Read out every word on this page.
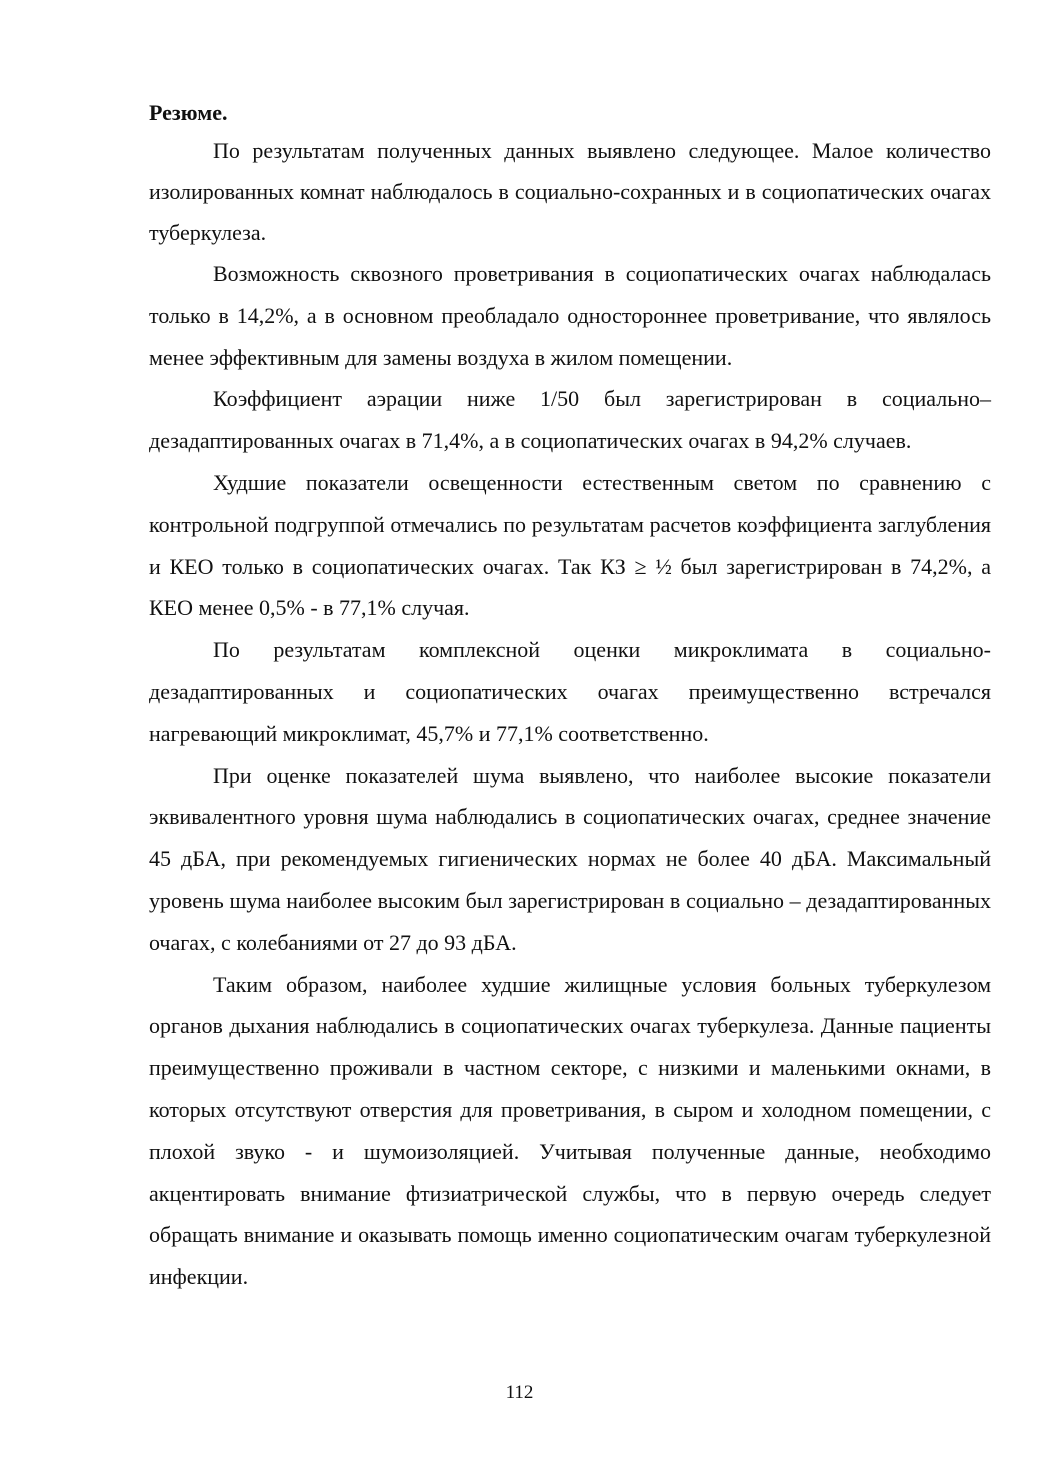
Резюме.

По результатам полученных данных выявлено следующее. Малое количество изолированных комнат наблюдалось в социально-сохранных и в социопатических очагах туберкулеза.

Возможность сквозного проветривания в социопатических очагах наблюдалась только в 14,2%, а в основном преобладало одностороннее проветривание, что являлось менее эффективным для замены воздуха в жилом помещении.

Коэффициент аэрации ниже 1/50 был зарегистрирован в социально–дезадаптированных очагах в 71,4%, а в социопатических очагах в 94,2% случаев.

Худшие показатели освещенности естественным светом по сравнению с контрольной подгруппой отмечались по результатам расчетов коэффициента заглубления и КЕО только в социопатических очагах. Так КЗ ≥ ½ был зарегистрирован в 74,2%, а КЕО менее 0,5% - в 77,1% случая.

По результатам комплексной оценки микроклимата в социально-дезадаптированных и социопатических очагах преимущественно встречался нагревающий микроклимат, 45,7% и 77,1% соответственно.

При оценке показателей шума выявлено, что наиболее высокие показатели эквивалентного уровня шума наблюдались в социопатических очагах, среднее значение 45 дБА, при рекомендуемых гигиенических нормах не более 40 дБА. Максимальный уровень шума наиболее высоким был зарегистрирован в социально – дезадаптированных очагах, с колебаниями от 27 до 93 дБА.

Таким образом, наиболее худшие жилищные условия больных туберкулезом органов дыхания наблюдались в социопатических очагах туберкулеза. Данные пациенты преимущественно проживали в частном секторе, с низкими и маленькими окнами, в которых отсутствуют отверстия для проветривания, в сыром и холодном помещении, с плохой звуко - и шумоизоляцией. Учитывая полученные данные, необходимо акцентировать внимание фтизиатрической службы, что в первую очередь следует обращать внимание и оказывать помощь именно социопатическим очагам туберкулезной инфекции.

112
